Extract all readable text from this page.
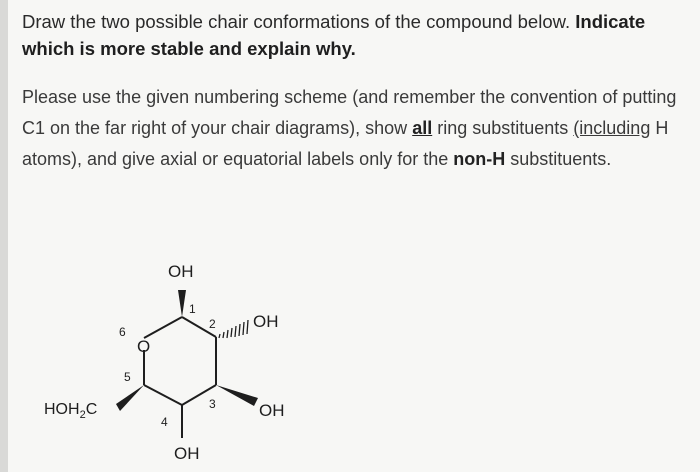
Draw the two possible chair conformations of the compound below. Indicate which is more stable and explain why.
Please use the given numbering scheme (and remember the convention of putting C1 on the far right of your chair diagrams), show all ring substituents (including H atoms), and give axial or equatorial labels only for the non-H substituents.
OH
OH
OH
OH
O
$HOH_2C$
1
2
3
4
5
6
